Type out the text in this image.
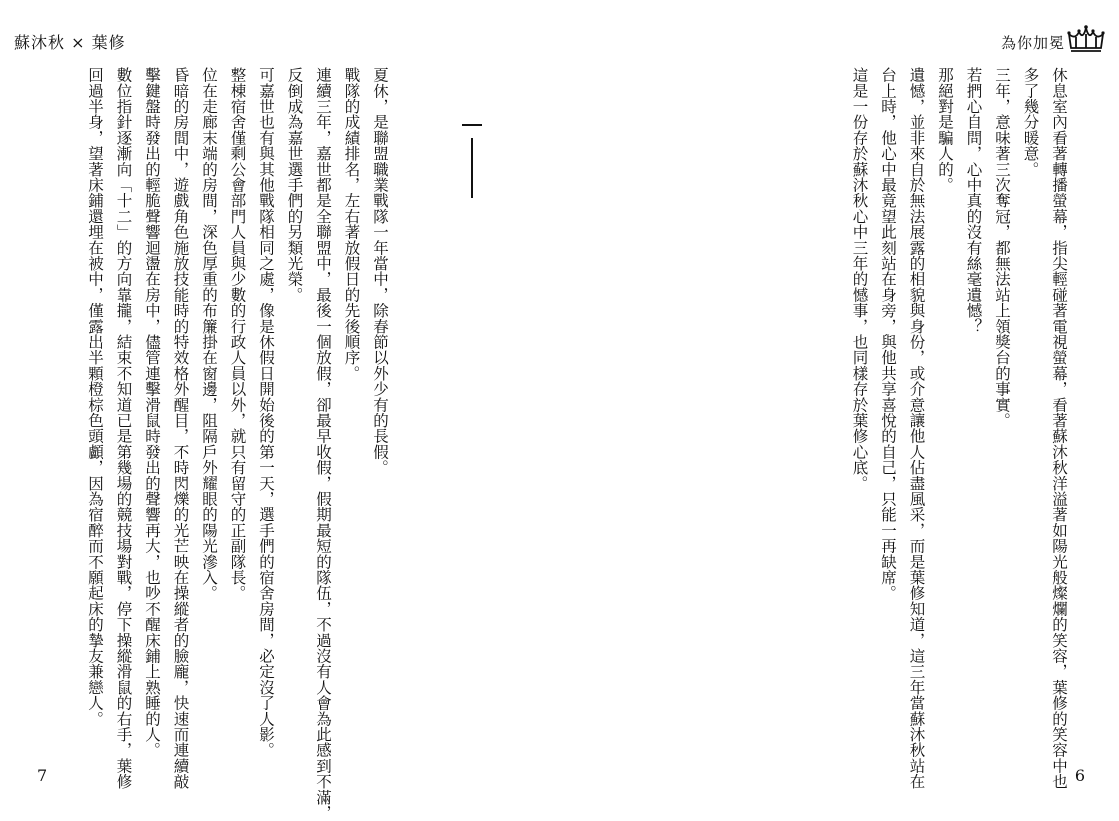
蘇沐秋 × 葉修
夏休，是聯盟職業戰隊一年當中，除春節以外少有的長假。
戰隊的成績排名，左右著放假日的先後順序。
連續三年，嘉世都是全聯盟中，最後一個放假，卻最早收假，假期最短的隊伍，不過沒有人會為此感到不滿，
反倒成為嘉世選手們的另類光榮。
可嘉世也有與其他戰隊相同之處，像是休假日開始後的第一天，選手們的宿舍房間，必定沒了人影。
整棟宿舍僅剩公會部門人員與少數的行政人員以外，就只有留守的正副隊長。
位在走廊末端的房間，深色厚重的布簾掛在窗邊，阻隔戶外耀眼的陽光滲入。
昏暗的房間中，遊戲角色施放技能時的特效格外醒目，不時閃爍的光芒映在操縱者的臉龐，快速而連續敲
擊鍵盤時發出的輕脆聲響迴盪在房中，儘管連擊滑鼠時發出的聲響再大，也吵不醒床鋪上熟睡的人。
數位指針逐漸向「十二」的方向靠攏，結束不知道已是第幾場的競技場對戰，停下操縱滑鼠的右手，葉修
回過半身，望著床鋪還埋在被中，僅露出半顆橙棕色頭顱，因為宿醉而不願起床的摯友兼戀人。
7
為你加冕
休息室內看著轉播螢幕，指尖輕碰著電視螢幕，看著蘇沐秋洋溢著如陽光般燦爛的笑容，葉修的笑容中也
多了幾分暖意。
三年，意味著三次奪冠，都無法站上領獎台的事實。
若捫心自問，心中真的沒有絲毫遺憾？
那絕對是騙人的。
遺憾，並非來自於無法展露的相貌與身份，或介意讓他人佔盡風采，而是葉修知道，這三年當蘇沐秋站在
台上時，他心中最竟望此刻站在身旁，與他共享喜悅的自己，只能一再缺席。
這是一份存於蘇沐秋心中三年的憾事，也同樣存於葉修心底。
6
